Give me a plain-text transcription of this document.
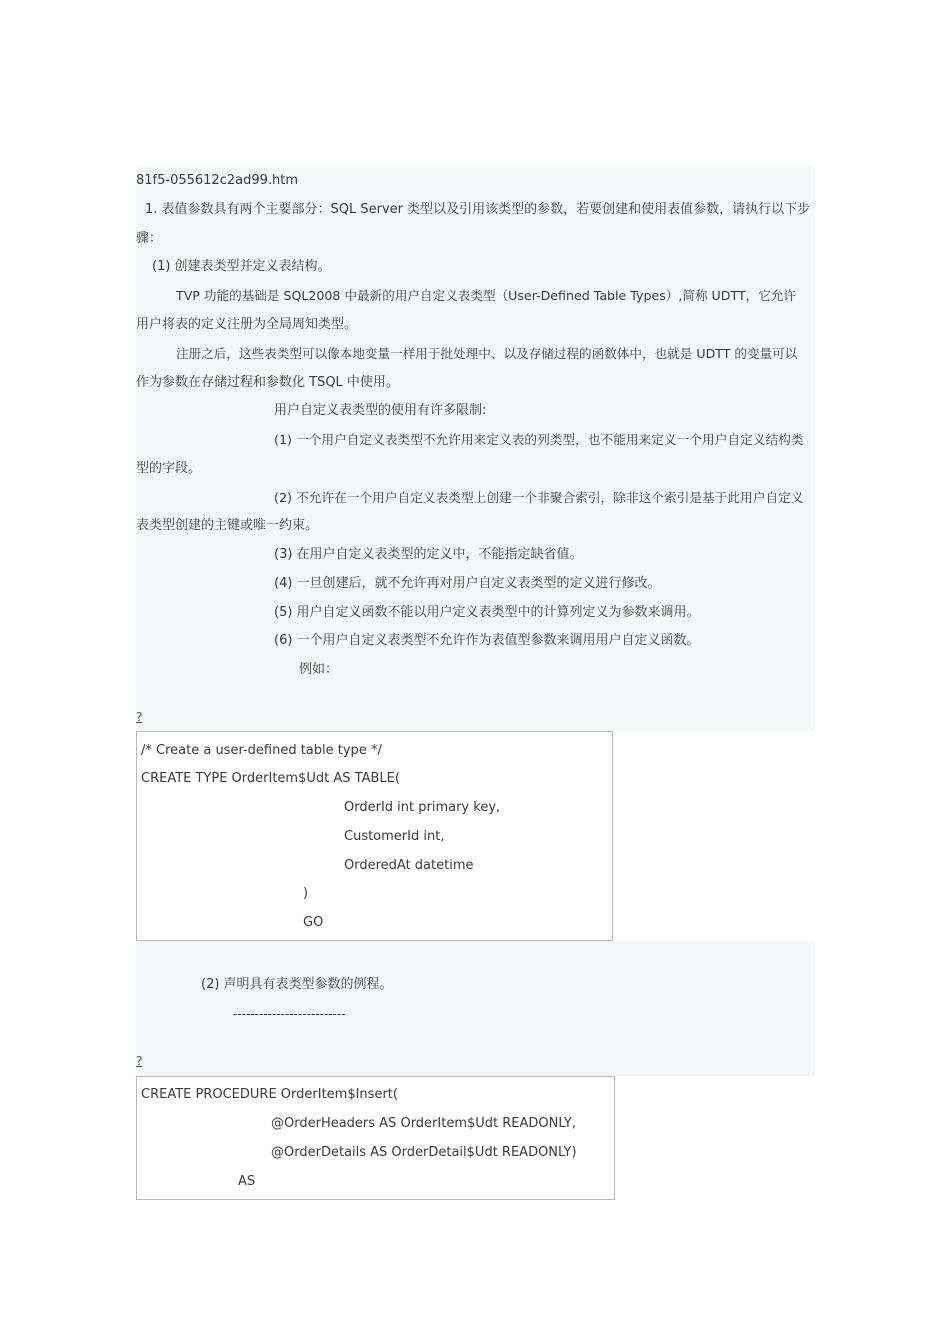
81f5-055612c2ad99.htm
1. 表值参数具有两个主要部分：SQL Server 类型以及引用该类型的参数，若要创建和使用表值参数，请执行以下步
骤：
(1) 创建表类型并定义表结构。
TVP 功能的基础是 SQL2008 中最新的用户自定义表类型（User-Defined Table Types）,简称 UDTT，它允许
用户将表的定义注册为全局周知类型。
注册之后，这些表类型可以像本地变量一样用于批处理中、以及存储过程的函数体中，也就是 UDTT 的变量可以
作为参数在存储过程和参数化 TSQL 中使用。
用户自定义表类型的使用有许多限制:
(1) 一个用户自定义表类型不允许用来定义表的列类型，也不能用来定义一个用户自定义结构类
型的字段。
(2) 不允许在一个用户自定义表类型上创建一个非聚合索引，除非这个索引是基于此用户自定义
表类型创建的主键或唯一约束。
(3) 在用户自定义表类型的定义中，不能指定缺省值。
(4) 一旦创建后，就不允许再对用户自定义表类型的定义进行修改。
(5) 用户自定义函数不能以用户定义表类型中的计算列定义为参数来调用。
(6) 一个用户自定义表类型不允许作为表值型参数来调用用户自定义函数。
例如：
?
/* Create a user-defined table type */
CREATE TYPE OrderItem$Udt AS TABLE(
OrderId int primary key,
CustomerId int,
OrderedAt datetime
)
GO
(2) 声明具有表类型参数的例程。
--------------------------
?
CREATE PROCEDURE OrderItem$Insert(
@OrderHeaders AS OrderItem$Udt READONLY,
@OrderDetails AS OrderDetail$Udt READONLY)
AS
